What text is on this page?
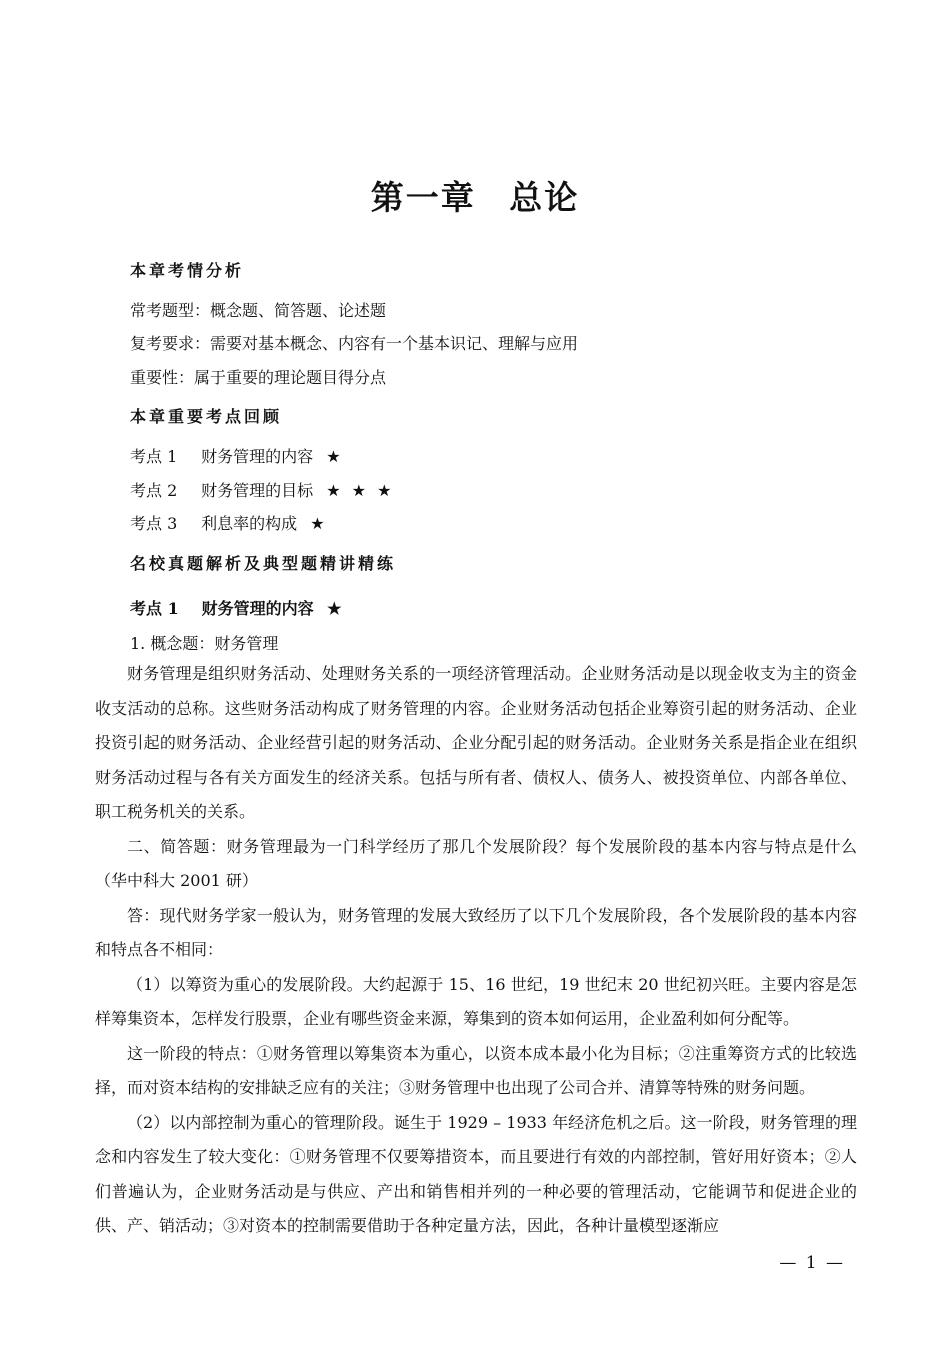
第一章 总论
本章考情分析
常考题型：概念题、简答题、论述题
复考要求：需要对基本概念、内容有一个基本识记、理解与应用
重要性：属于重要的理论题目得分点
本章重要考点回顾
考点 1 财务管理的内容 ★
考点 2 财务管理的目标 ★ ★ ★
考点 3 利息率的构成 ★
名校真题解析及典型题精讲精练
考点 1 财务管理的内容 ★
1. 概念题：财务管理

财务管理是组织财务活动、处理财务关系的一项经济管理活动。企业财务活动是以现金收支为主的资金收支活动的总称。这些财务活动构成了财务管理的内容。企业财务活动包括企业筹资引起的财务活动、企业投资引起的财务活动、企业经营引起的财务活动、企业分配引起的财务活动。企业财务关系是指企业在组织财务活动过程与各有关方面发生的经济关系。包括与所有者、债权人、债务人、被投资单位、内部各单位、职工税务机关的关系。

二、简答题：财务管理最为一门科学经历了那几个发展阶段？每个发展阶段的基本内容与特点是什么（华中科大 2001 研）

答：现代财务学家一般认为，财务管理的发展大致经历了以下几个发展阶段，各个发展阶段的基本内容和特点各不相同：

（1）以筹资为重心的发展阶段。大约起源于 15、16 世纪，19 世纪末 20 世纪初兴旺。主要内容是怎样筹集资本，怎样发行股票，企业有哪些资金来源，筹集到的资本如何运用，企业盈利如何分配等。

这一阶段的特点：①财务管理以筹集资本为重心，以资本成本最小化为目标；②注重筹资方式的比较选择，而对资本结构的安排缺乏应有的关注；③财务管理中也出现了公司合并、清算等特殊的财务问题。

（2）以内部控制为重心的管理阶段。诞生于 1929 – 1933 年经济危机之后。这一阶段，财务管理的理念和内容发生了较大变化：①财务管理不仅要筹措资本，而且要进行有效的内部控制，管好用好资本；②人们普遍认为，企业财务活动是与供应、产出和销售相并列的一种必要的管理活动，它能调节和促进企业的供、产、销活动；③对资本的控制需要借助于各种定量方法，因此，各种计量模型逐渐应

— 1 —
